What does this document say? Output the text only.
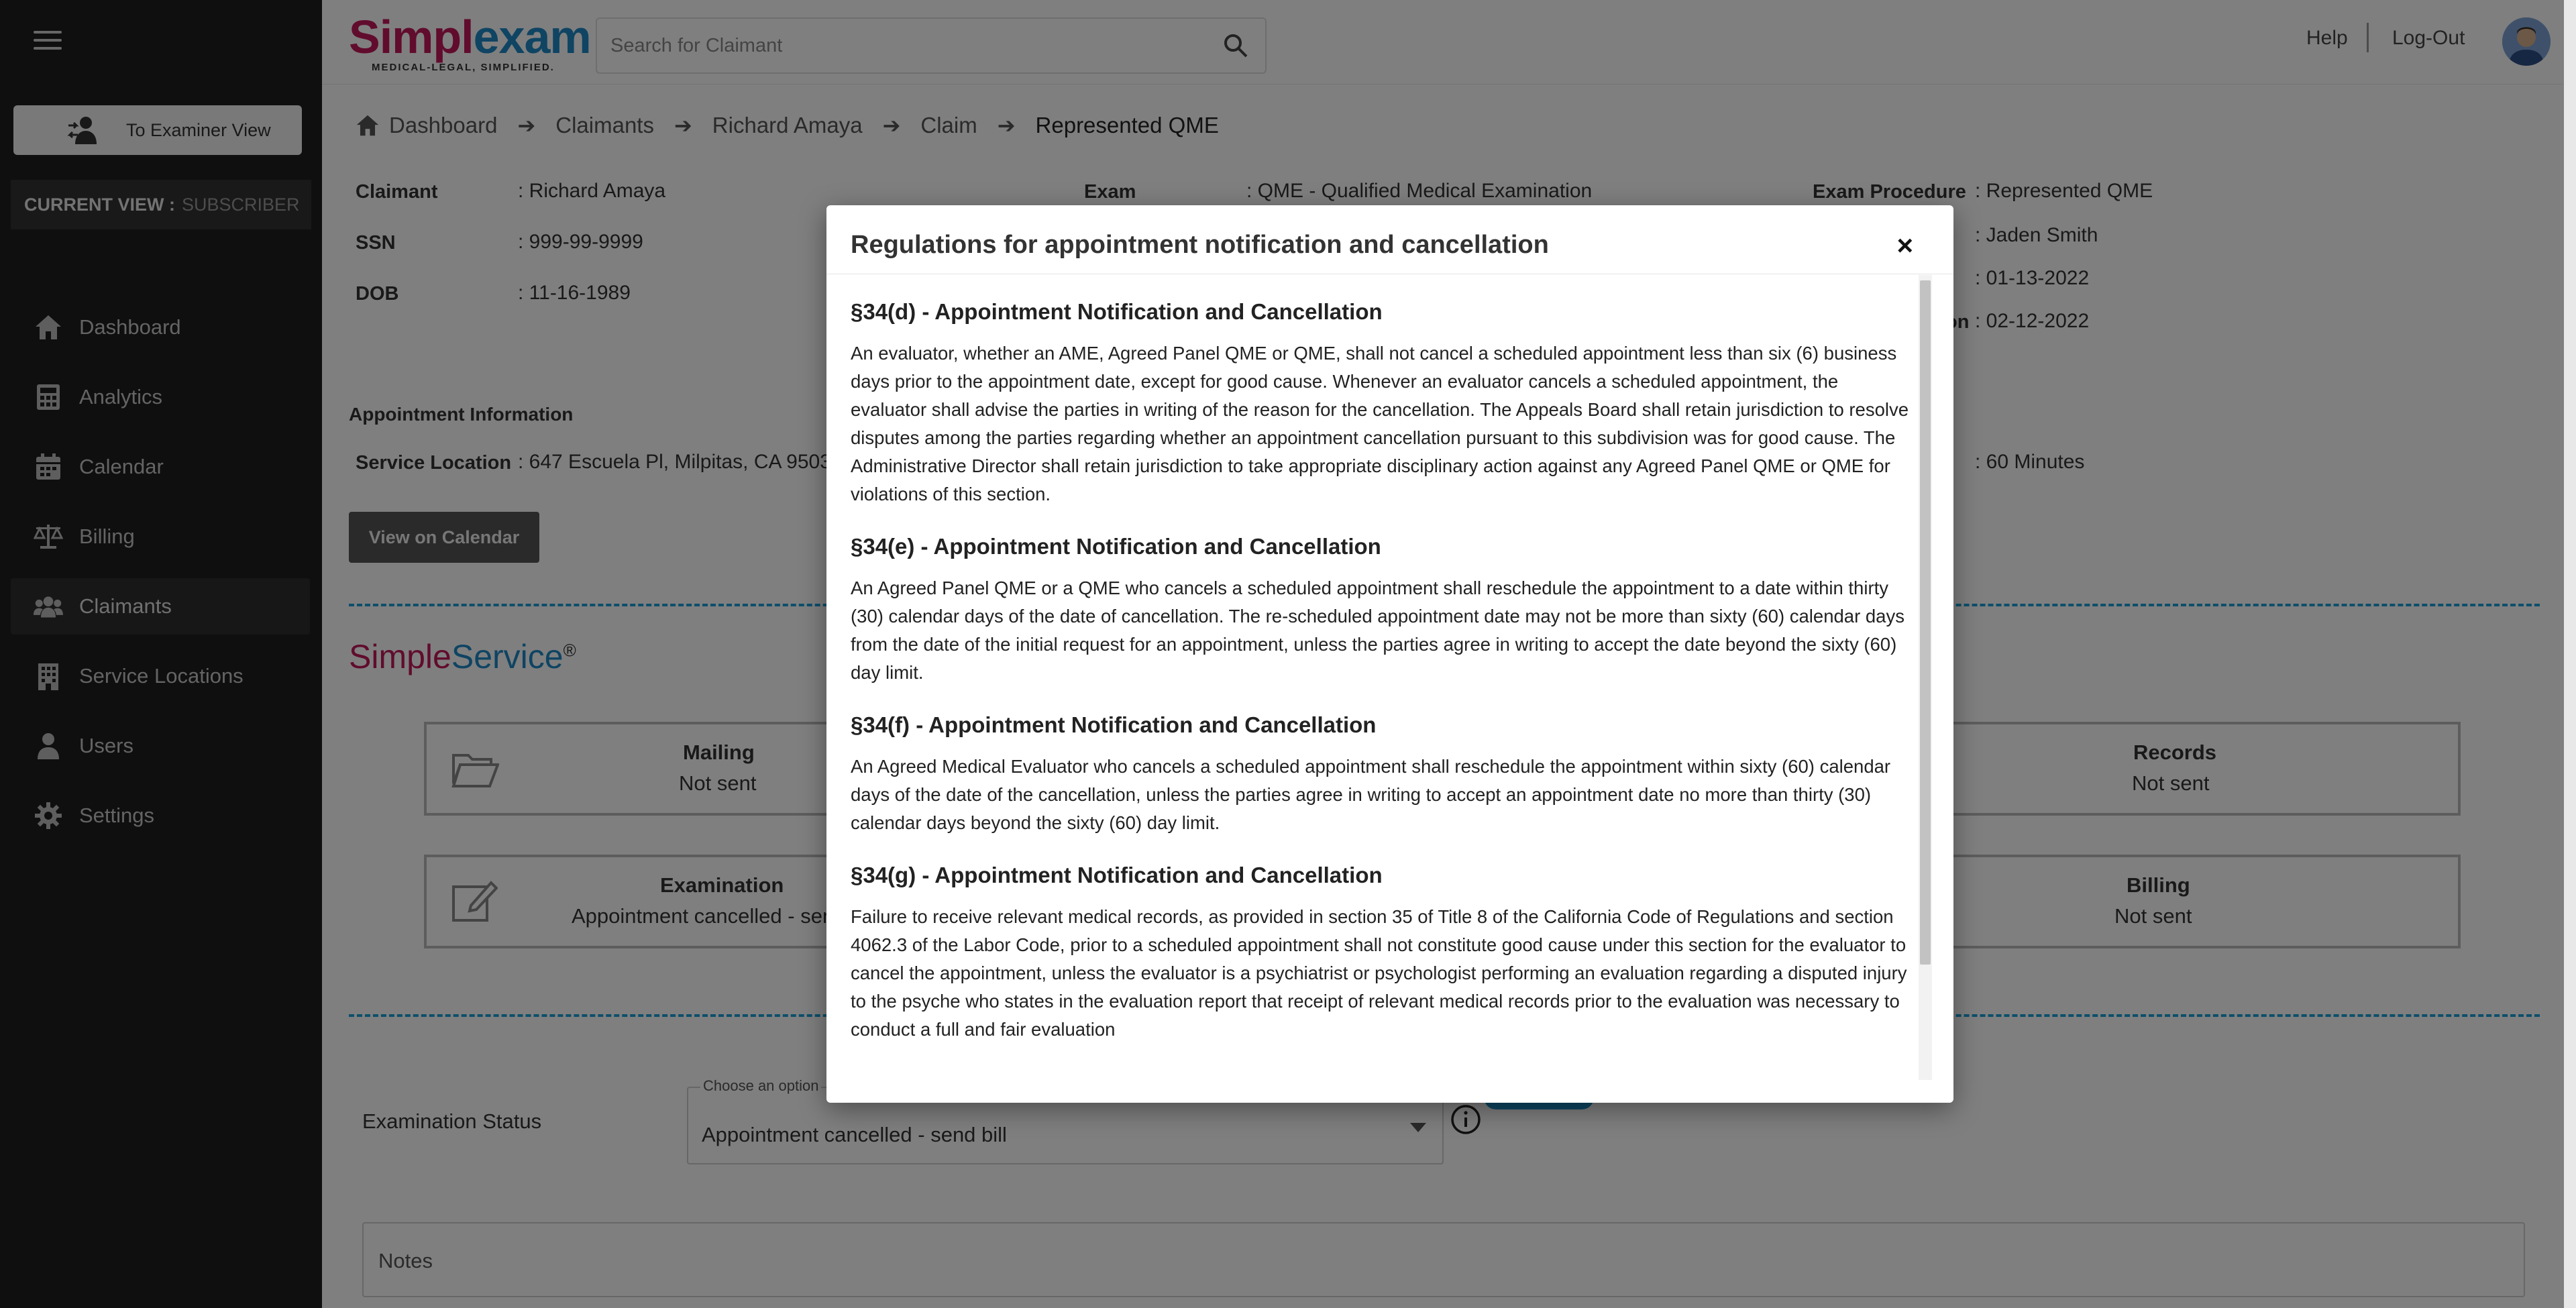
Regulations for appointment notification and cancellation	×
§34(d) - Appointment Notification and Cancellation
An evaluator, whether an AME, Agreed Panel QME or QME, shall not cancel a scheduled appointment less than six (6) business days prior to the appointment date, except for good cause. Whenever an evaluator cancels a scheduled appointment, the evaluator shall advise the parties in writing of the reason for the cancellation. The Appeals Board shall retain jurisdiction to resolve disputes among the parties regarding whether an appointment cancellation pursuant to this subdivision was for good cause. The Administrative Director shall retain jurisdiction to take appropriate disciplinary action against any Agreed Panel QME or QME for violations of this section.
§34(e) - Appointment Notification and Cancellation
An Agreed Panel QME or a QME who cancels a scheduled appointment shall reschedule the appointment to a date within thirty (30) calendar days of the date of cancellation. The re-scheduled appointment date may not be more than sixty (60) calendar days from the date of the initial request for an appointment, unless the parties agree in writing to accept the date beyond the sixty (60) day limit.
§34(f) - Appointment Notification and Cancellation
An Agreed Medical Evaluator who cancels a scheduled appointment shall reschedule the appointment within sixty (60) calendar days of the date of the cancellation, unless the parties agree in writing to accept an appointment date no more than thirty (30) calendar days beyond the sixty (60) day limit.
§34(g) - Appointment Notification and Cancellation
Failure to receive relevant medical records, as provided in section 35 of Title 8 of the California Code of Regulations and section 4062.3 of the Labor Code, prior to a scheduled appointment shall not constitute good cause under this section for the evaluator to cancel the appointment, unless the evaluator is a psychiatrist or psychologist performing an evaluation regarding a disputed injury to the psyche who states in the evaluation report that receipt of relevant medical records prior to the evaluation was necessary to conduct a full and fair evaluation
